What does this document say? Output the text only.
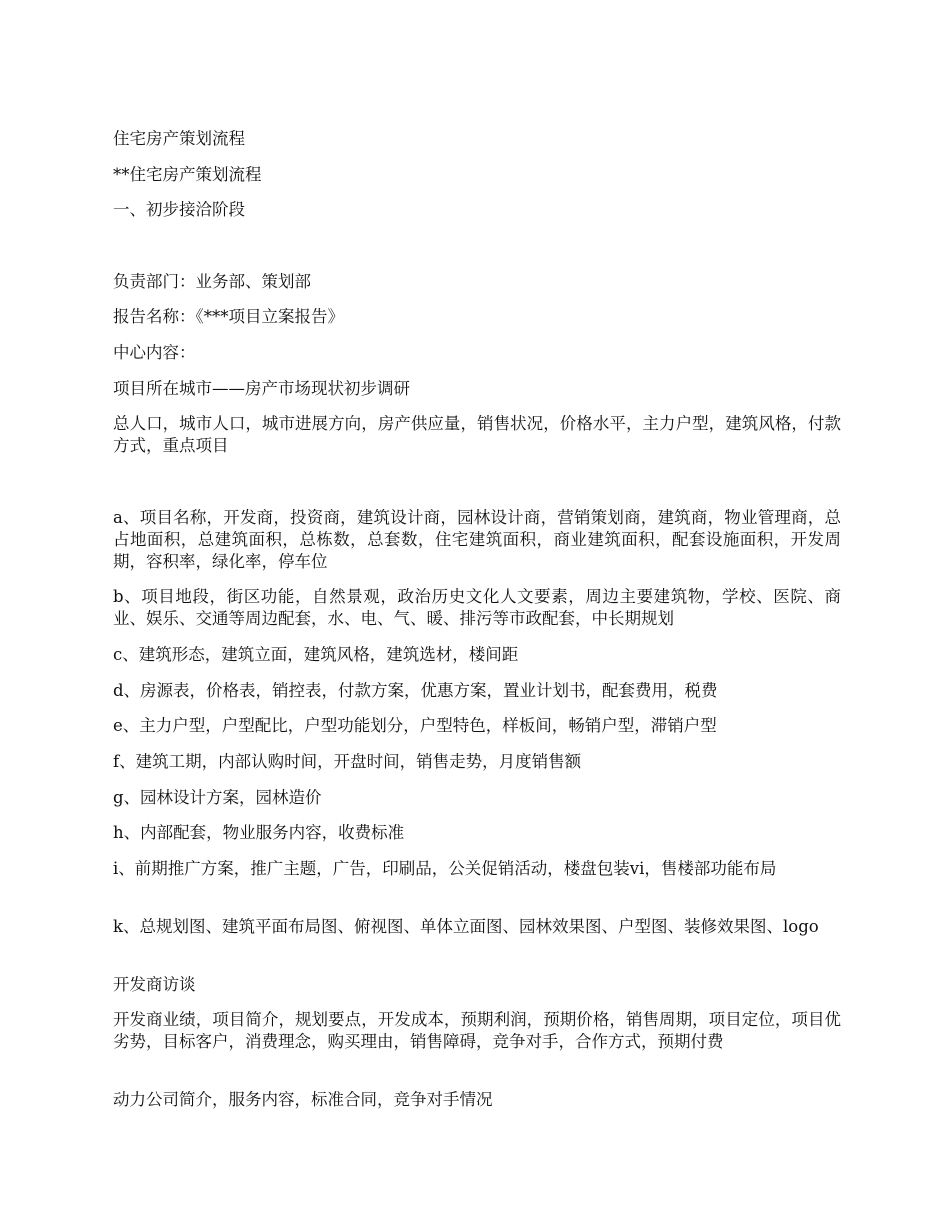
住宅房产策划流程

**住宅房产策划流程

一、初步接洽阶段

负责部门：业务部、策划部

报告名称：《***项目立案报告》

中心内容：

项目所在城市——房产市场现状初步调研

总人口，城市人口，城市进展方向，房产供应量，销售状况，价格水平，主力户型，建筑风格，付款方式，重点项目

a、项目名称，开发商，投资商，建筑设计商，园林设计商，营销策划商，建筑商，物业管理商，总占地面积，总建筑面积，总栋数，总套数，住宅建筑面积，商业建筑面积，配套设施面积，开发周期，容积率，绿化率，停车位

b、项目地段，街区功能，自然景观，政治历史文化人文要素，周边主要建筑物，学校、医院、商业、娱乐、交通等周边配套，水、电、气、暖、排污等市政配套，中长期规划

c、建筑形态，建筑立面，建筑风格，建筑选材，楼间距

d、房源表，价格表，销控表，付款方案，优惠方案，置业计划书，配套费用，税费

e、主力户型，户型配比，户型功能划分，户型特色，样板间，畅销户型，滞销户型

f、建筑工期，内部认购时间，开盘时间，销售走势，月度销售额

g、园林设计方案，园林造价

h、内部配套，物业服务内容，收费标准

i、前期推广方案，推广主题，广告，印刷品，公关促销活动，楼盘包装vi，售楼部功能布局

k、总规划图、建筑平面布局图、俯视图、单体立面图、园林效果图、户型图、装修效果图、logo

开发商访谈

开发商业绩，项目简介，规划要点，开发成本，预期利润，预期价格，销售周期，项目定位，项目优劣势，目标客户，消费理念，购买理由，销售障碍，竞争对手，合作方式，预期付费

动力公司简介，服务内容，标准合同，竞争对手情况
